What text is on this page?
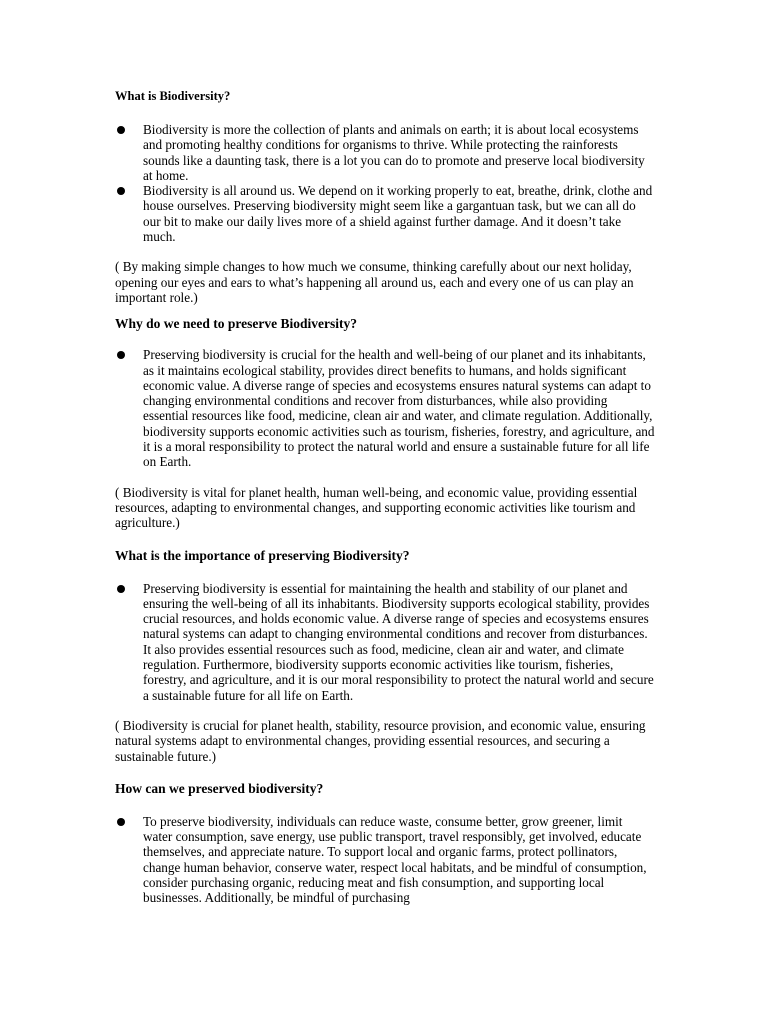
What is Biodiversity?
Biodiversity is more the collection of plants and animals on earth; it is about local ecosystems and promoting healthy conditions for organisms to thrive. While protecting the rainforests sounds like a daunting task, there is a lot you can do to promote and preserve local biodiversity at home.
Biodiversity is all around us. We depend on it working properly to eat, breathe, drink, clothe and house ourselves. Preserving biodiversity might seem like a gargantuan task, but we can all do our bit to make our daily lives more of a shield against further damage. And it doesn’t take much.

( By making simple changes to how much we consume, thinking carefully about our next holiday, opening our eyes and ears to what’s happening all around us, each and every one of us can play an important role.)

Why do we need to preserve Biodiversity?
Preserving biodiversity is crucial for the health and well-being of our planet and its inhabitants, as it maintains ecological stability, provides direct benefits to humans, and holds significant economic value. A diverse range of species and ecosystems ensures natural systems can adapt to changing environmental conditions and recover from disturbances, while also providing essential resources like food, medicine, clean air and water, and climate regulation. Additionally, biodiversity supports economic activities such as tourism, fisheries, forestry, and agriculture, and it is a moral responsibility to protect the natural world and ensure a sustainable future for all life on Earth.

( Biodiversity is vital for planet health, human well-being, and economic value, providing essential resources, adapting to environmental changes, and supporting economic activities like tourism and agriculture.)

What is the importance of preserving Biodiversity?
Preserving biodiversity is essential for maintaining the health and stability of our planet and ensuring the well-being of all its inhabitants. Biodiversity supports ecological stability, provides crucial resources, and holds economic value. A diverse range of species and ecosystems ensures natural systems can adapt to changing environmental conditions and recover from disturbances. It also provides essential resources such as food, medicine, clean air and water, and climate regulation. Furthermore, biodiversity supports economic activities like tourism, fisheries, forestry, and agriculture, and it is our moral responsibility to protect the natural world and secure a sustainable future for all life on Earth.

( Biodiversity is crucial for planet health, stability, resource provision, and economic value, ensuring natural systems adapt to environmental changes, providing essential resources, and securing a sustainable future.)

How can we preserved biodiversity?
To preserve biodiversity, individuals can reduce waste, consume better, grow greener, limit water consumption, save energy, use public transport, travel responsibly, get involved, educate themselves, and appreciate nature. To support local and organic farms, protect pollinators, change human behavior, conserve water, respect local habitats, and be mindful of consumption, consider purchasing organic, reducing meat and fish consumption, and supporting local businesses. Additionally, be mindful of purchasing
